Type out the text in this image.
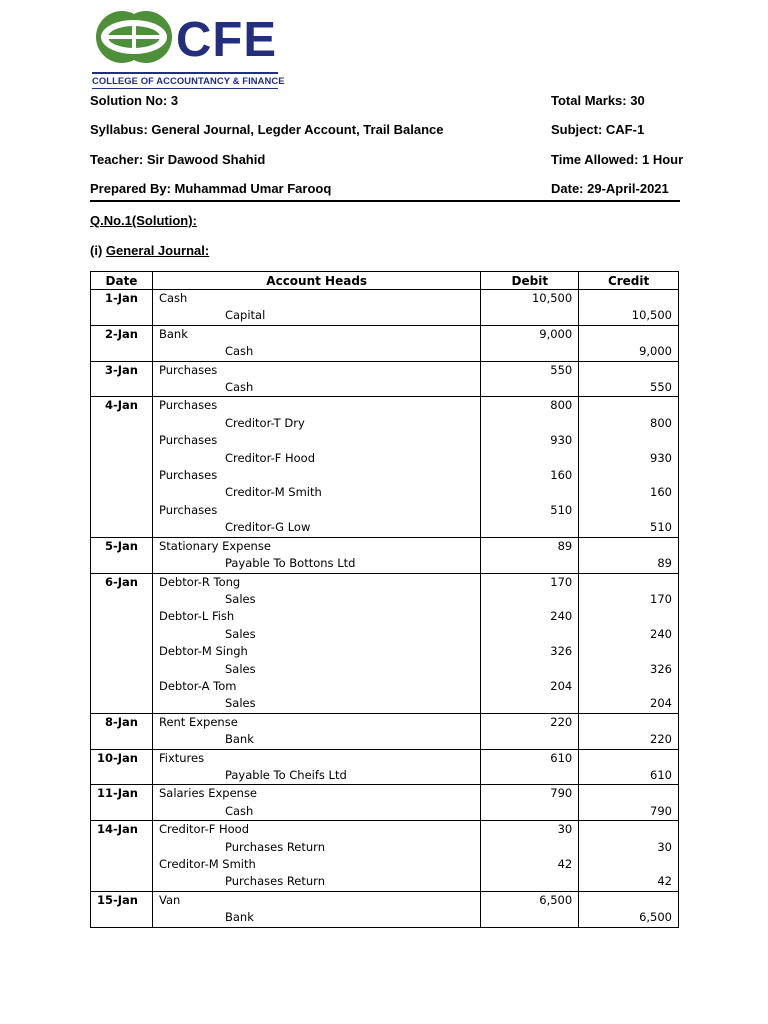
CFE
COLLEGE OF ACCOUNTANCY & FINANCE
Solution No: 3
Syllabus: General Journal, Legder Account, Trail Balance
Teacher: Sir Dawood Shahid
Prepared By: Muhammad Umar Farooq
Total Marks: 30
Subject: CAF-1
Time Allowed: 1 Hour
Date: 29-April-2021
Q.No.1(Solution):
(i) General Journal:
Date	Account Heads	Debit	Credit
1-Jan	Cash	10,500	
	Capital		10,500
2-Jan	Bank	9,000	
	Cash		9,000
3-Jan	Purchases	550	
	Cash		550
4-Jan	Purchases	800	
	Creditor-T Dry		800
	Purchases	930	
	Creditor-F Hood		930
	Purchases	160	
	Creditor-M Smith		160
	Purchases	510	
	Creditor-G Low		510
5-Jan	Stationary Expense	89	
	Payable To Bottons Ltd		89
6-Jan	Debtor-R Tong	170	
	Sales		170
	Debtor-L Fish	240	
	Sales		240
	Debtor-M Singh	326	
	Sales		326
	Debtor-A Tom	204	
	Sales		204
8-Jan	Rent Expense	220	
	Bank		220
10-Jan	Fixtures	610	
	Payable To Cheifs Ltd		610
11-Jan	Salaries Expense	790	
	Cash		790
14-Jan	Creditor-F Hood	30	
	Purchases Return		30
	Creditor-M Smith	42	
	Purchases Return		42
15-Jan	Van	6,500	
	Bank		6,500
